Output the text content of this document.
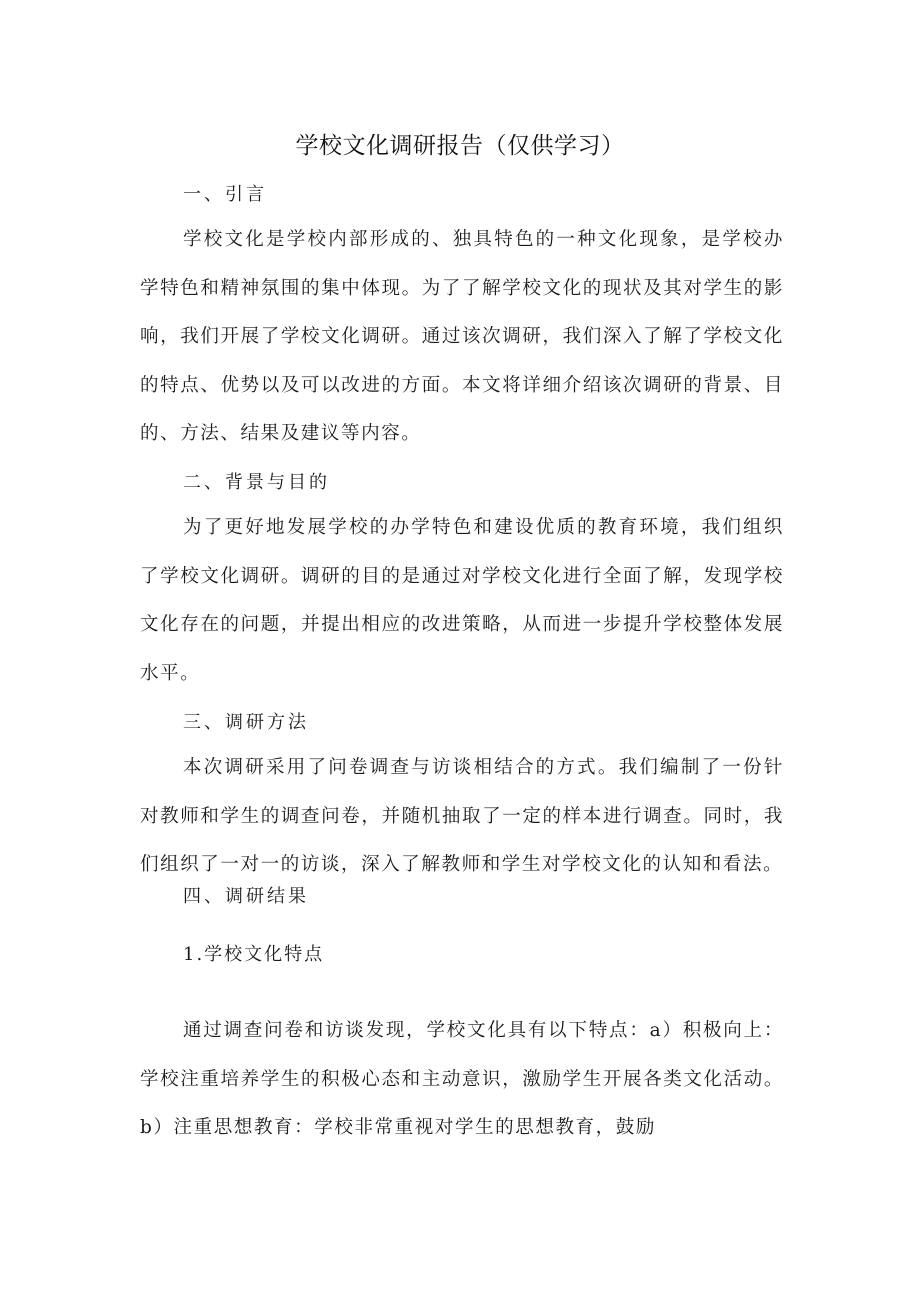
学校文化调研报告（仅供学习）
一、引言
学校文化是学校内部形成的、独具特色的一种文化现象，是学校办学特色和精神氛围的集中体现。为了了解学校文化的现状及其对学生的影响，我们开展了学校文化调研。通过该次调研，我们深入了解了学校文化的特点、优势以及可以改进的方面。本文将详细介绍该次调研的背景、目的、方法、结果及建议等内容。
二、背景与目的
为了更好地发展学校的办学特色和建设优质的教育环境，我们组织了学校文化调研。调研的目的是通过对学校文化进行全面了解，发现学校文化存在的问题，并提出相应的改进策略，从而进一步提升学校整体发展水平。
三、调研方法
本次调研采用了问卷调查与访谈相结合的方式。我们编制了一份针对教师和学生的调查问卷，并随机抽取了一定的样本进行调查。同时，我们组织了一对一的访谈，深入了解教师和学生对学校文化的认知和看法。
四、调研结果
1.学校文化特点
通过调查问卷和访谈发现，学校文化具有以下特点：a）积极向上：学校注重培养学生的积极心态和主动意识，激励学生开展各类文化活动。b）注重思想教育：学校非常重视对学生的思想教育，鼓励
